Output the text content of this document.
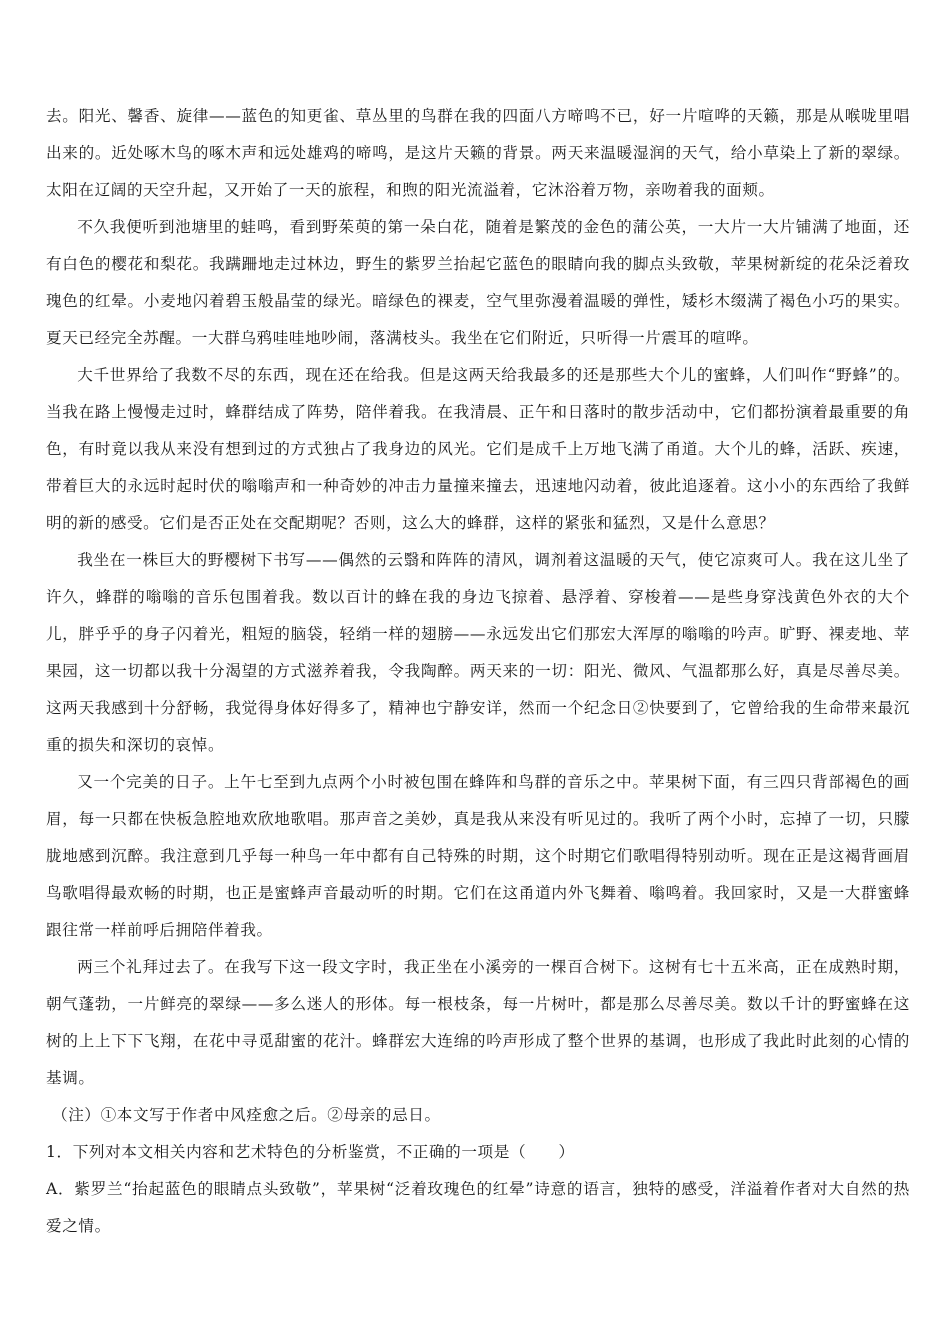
去。阳光、馨香、旋律——蓝色的知更雀、草丛里的鸟群在我的四面八方啼鸣不已，好一片喧哗的天籁，那是从喉咙里唱出来的。近处啄木鸟的啄木声和远处雄鸡的啼鸣，是这片天籁的背景。两天来温暖湿润的天气，给小草染上了新的翠绿。太阳在辽阔的天空升起，又开始了一天的旅程，和煦的阳光流溢着，它沐浴着万物，亲吻着我的面颊。

不久我便听到池塘里的蛙鸣，看到野茱萸的第一朵白花，随着是繁茂的金色的蒲公英，一大片一大片铺满了地面，还有白色的樱花和梨花。我蹒跚地走过林边，野生的紫罗兰抬起它蓝色的眼睛向我的脚点头致敬，苹果树新绽的花朵泛着玫瑰色的红晕。小麦地闪着碧玉般晶莹的绿光。暗绿色的裸麦，空气里弥漫着温暖的弹性，矮杉木缀满了褐色小巧的果实。夏天已经完全苏醒。一大群乌鸦哇哇地吵闹，落满枝头。我坐在它们附近，只听得一片震耳的喧哗。

大千世界给了我数不尽的东西，现在还在给我。但是这两天给我最多的还是那些大个儿的蜜蜂，人们叫作“野蜂”的。当我在路上慢慢走过时，蜂群结成了阵势，陪伴着我。在我清晨、正午和日落时的散步活动中，它们都扮演着最重要的角色，有时竟以我从来没有想到过的方式独占了我身边的风光。它们是成千上万地飞满了甬道。大个儿的蜂，活跃、疾速，带着巨大的永远时起时伏的嗡嗡声和一种奇妙的冲击力量撞来撞去，迅速地闪动着，彼此追逐着。这小小的东西给了我鲜明的新的感受。它们是否正处在交配期呢？否则，这么大的蜂群，这样的紧张和猛烈，又是什么意思？

我坐在一株巨大的野樱树下书写——偶然的云翳和阵阵的清风，调剂着这温暖的天气，使它凉爽可人。我在这儿坐了许久，蜂群的嗡嗡的音乐包围着我。数以百计的蜂在我的身边飞掠着、悬浮着、穿梭着——是些身穿浅黄色外衣的大个儿，胖乎乎的身子闪着光，粗短的脑袋，轻绡一样的翅膀——永远发出它们那宏大浑厚的嗡嗡的吟声。旷野、裸麦地、苹果园，这一切都以我十分渴望的方式滋养着我，令我陶醉。两天来的一切：阳光、微风、气温都那么好，真是尽善尽美。这两天我感到十分舒畅，我觉得身体好得多了，精神也宁静安详，然而一个纪念日②快要到了，它曾给我的生命带来最沉重的损失和深切的哀悼。

又一个完美的日子。上午七至到九点两个小时被包围在蜂阵和鸟群的音乐之中。苹果树下面，有三四只背部褐色的画眉，每一只都在快板急腔地欢欣地歌唱。那声音之美妙，真是我从来没有听见过的。我听了两个小时，忘掉了一切，只朦胧地感到沉醉。我注意到几乎每一种鸟一年中都有自己特殊的时期，这个时期它们歌唱得特别动听。现在正是这褐背画眉鸟歌唱得最欢畅的时期，也正是蜜蜂声音最动听的时期。它们在这甬道内外飞舞着、嗡鸣着。我回家时，又是一大群蜜蜂跟往常一样前呼后拥陪伴着我。

两三个礼拜过去了。在我写下这一段文字时，我正坐在小溪旁的一棵百合树下。这树有七十五米高，正在成熟时期，朝气蓬勃，一片鲜亮的翠绿——多么迷人的形体。每一根枝条，每一片树叶，都是那么尽善尽美。数以千计的野蜜蜂在这树的上上下下飞翔，在花中寻觅甜蜜的花汁。蜂群宏大连绵的吟声形成了整个世界的基调，也形成了我此时此刻的心情的基调。

（注）①本文写于作者中风痊愈之后。②母亲的忌日。

1．下列对本文相关内容和艺术特色的分析鉴赏，不正确的一项是（　　）

A．紫罗兰“抬起蓝色的眼睛点头致敬”，苹果树“泛着玫瑰色的红晕”诗意的语言，独特的感受，洋溢着作者对大自然的热爱之情。
